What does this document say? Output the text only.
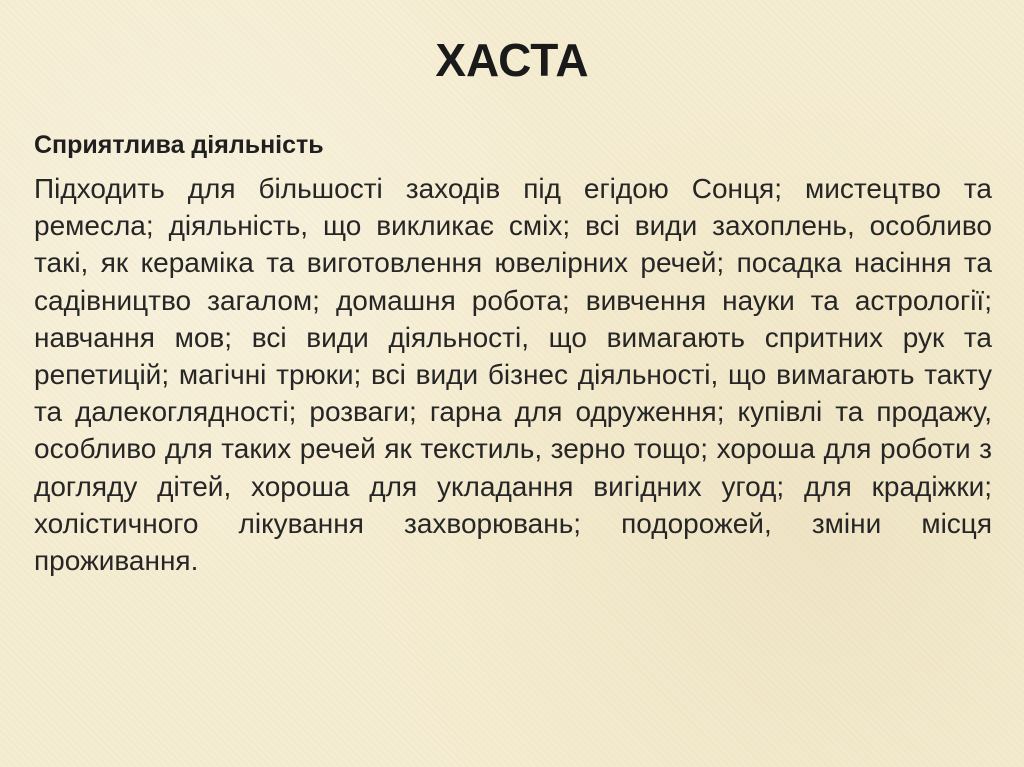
ХАСТА

Сприятлива діяльність

Підходить для більшості заходів під егідою Сонця; мистецтво та ремесла; діяльність, що викликає сміх; всі види захоплень, особливо такі, як кераміка та виготовлення ювелірних речей; посадка насіння та садівництво загалом; домашня робота; вивчення науки та астрології; навчання мов; всі види діяльності, що вимагають спритних рук та репетицій; магічні трюки; всі види бізнес діяльності, що вимагають такту та далекоглядності; розваги; гарна для одруження; купівлі та продажу, особливо для таких речей як текстиль, зерно тощо; хороша для роботи з догляду дітей, хороша для укладання вигідних угод; для крадіжки; холістичного лікування захворювань; подорожей, зміни місця проживання.
